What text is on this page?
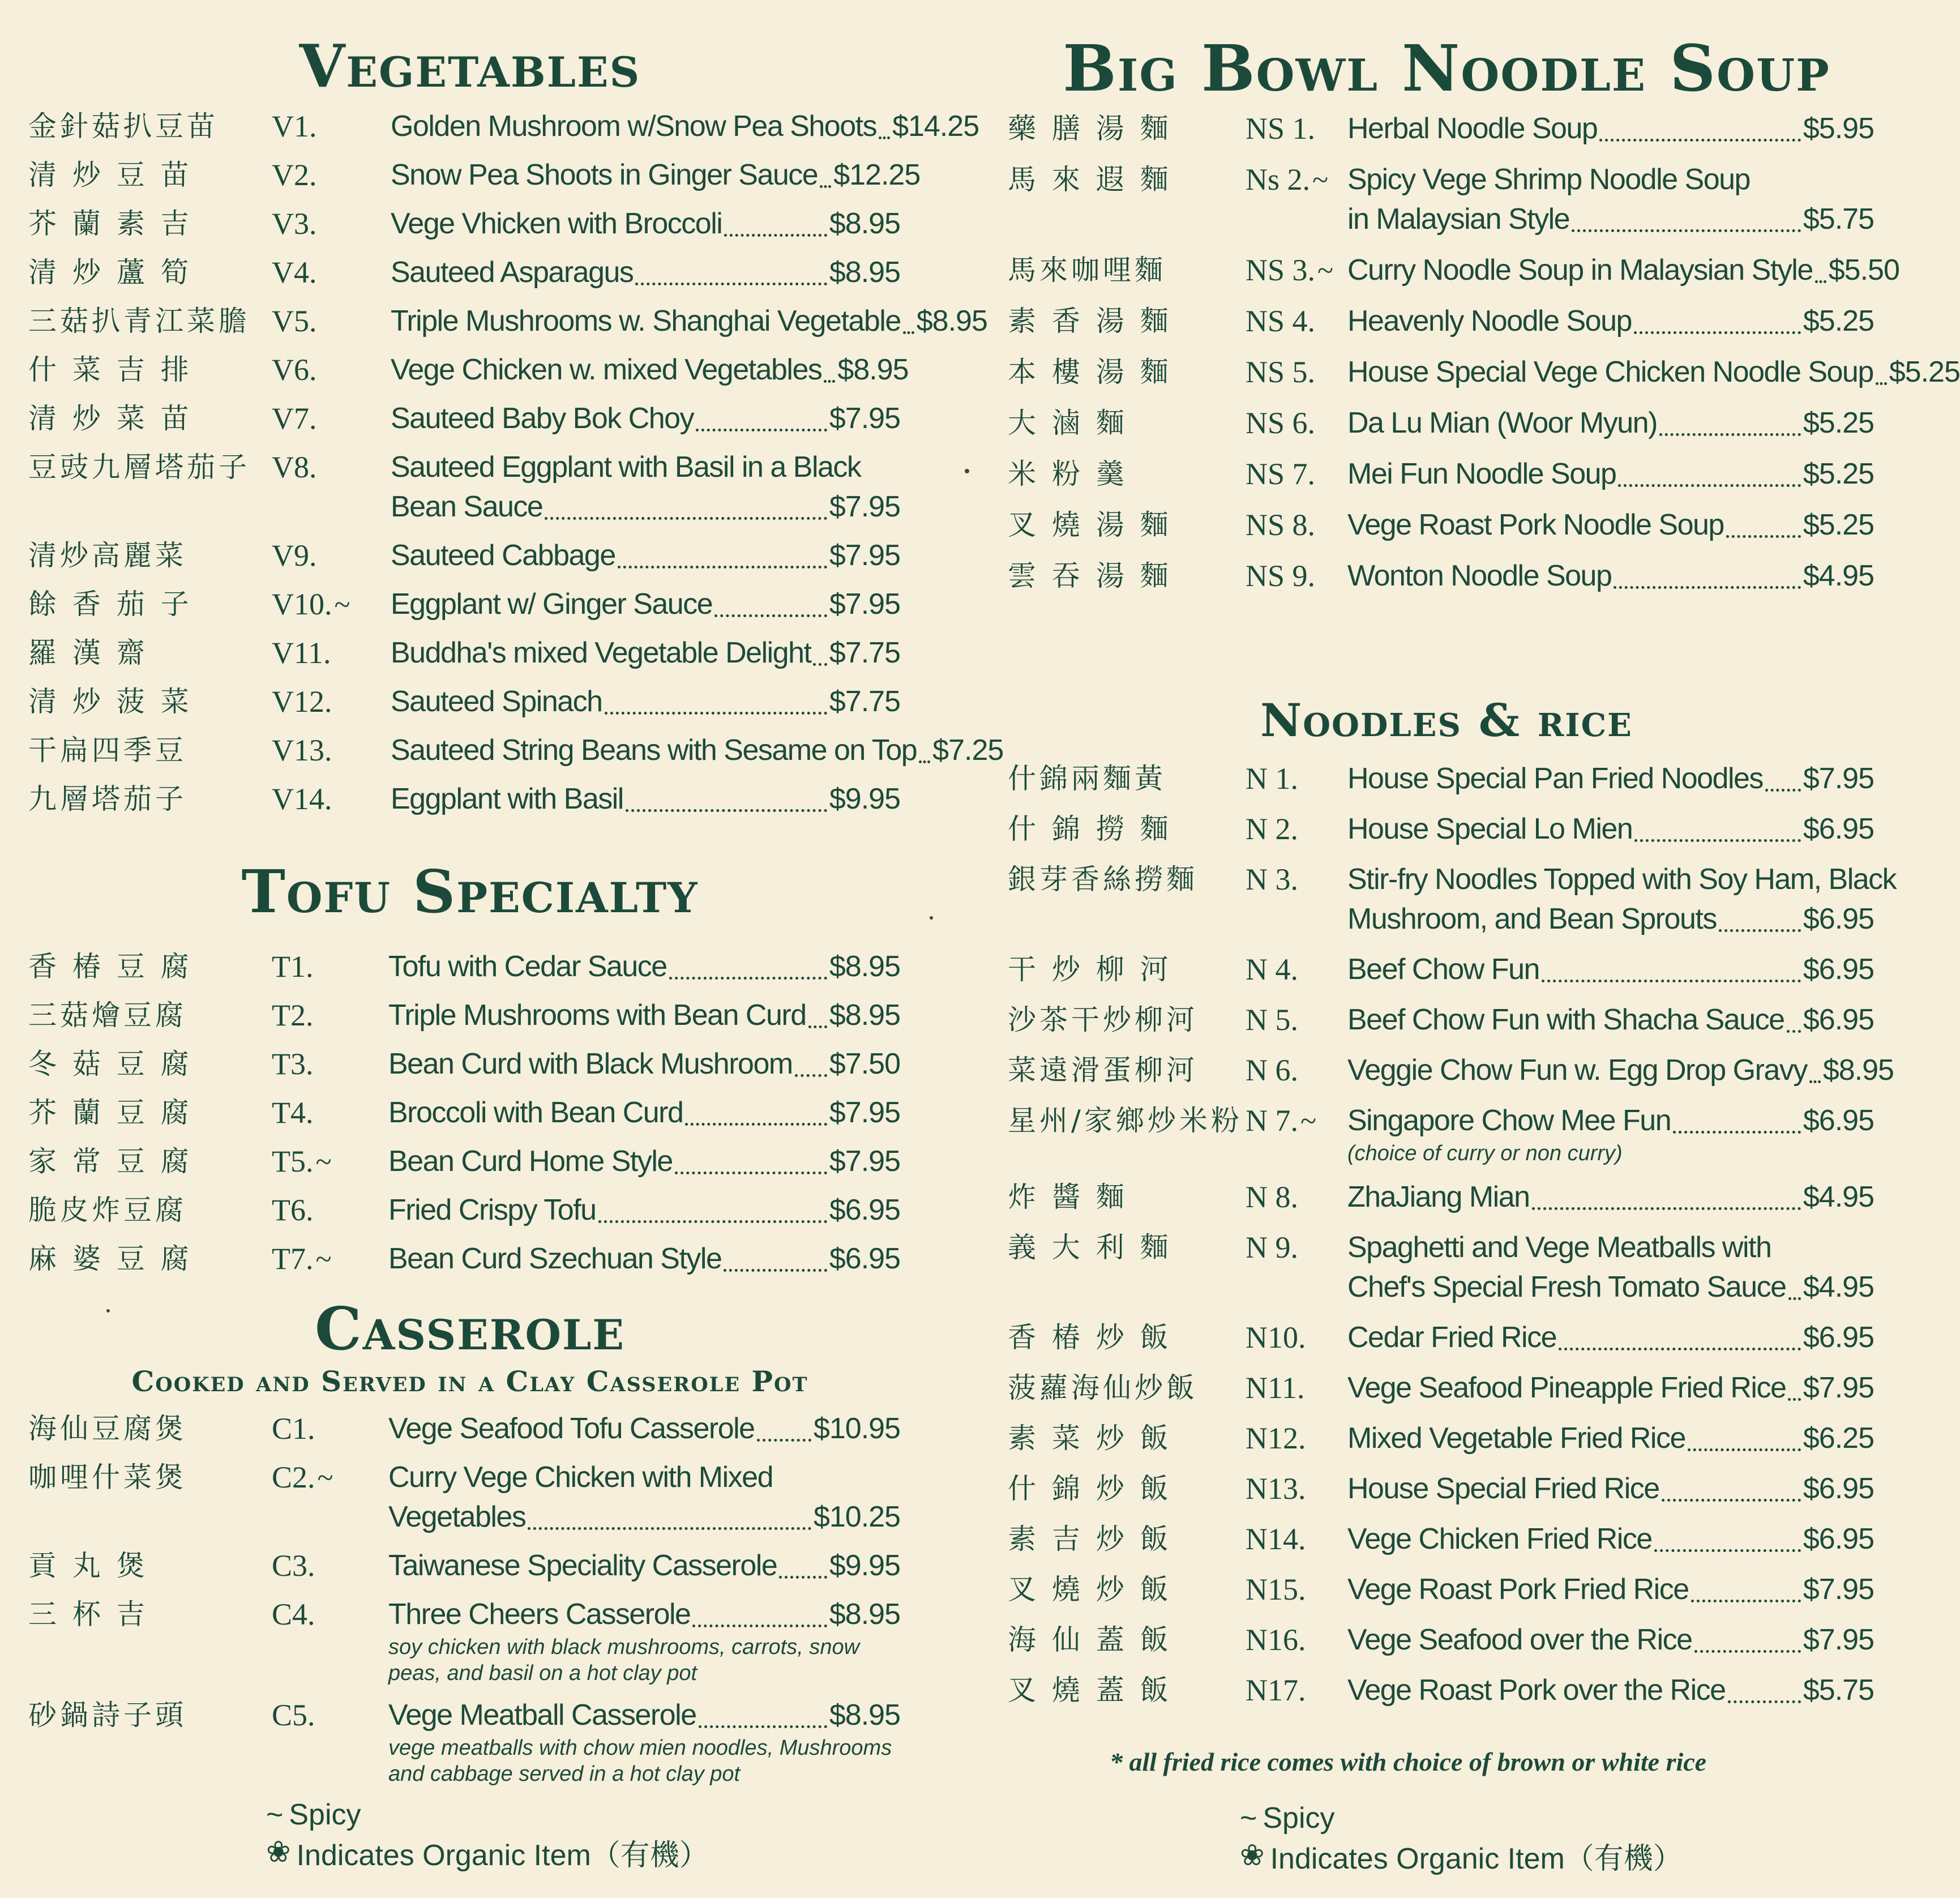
Vegetables
金針菇扒豆苗	V1.	Golden Mushroom w/Snow Pea Shoots $14.25
清 炒 豆 苗	V2.	Snow Pea Shoots in Ginger Sauce $12.25
芥 蘭 素 吉	V3.	Vege Vhicken with Broccoli	$8.95
清 炒 蘆 筍	V4.	Sauteed Asparagus	$8.95
三菇扒青江菜膽 V5.	Triple Mushrooms w. Shanghai Vegetable $8.95
什 菜 吉 排	V6.	Vege Chicken w. mixed Vegetables $8.95
清 炒 菜 苗	V7.	Sauteed Baby Bok Choy	$7.95
豆豉九層塔茄子 V8.	Sauteed Eggplant with Basil in a Black
Bean Sauce	$7.95
清炒高麗菜	V9.	Sauteed Cabbage	$7.95
餘 香 茄 子	V10.~	Eggplant w/ Ginger Sauce	$7.95
羅 漢 齋	V11.	Buddha's mixed Vegetable Delight $7.75
清 炒 菠 菜	V12.	Sauteed Spinach	$7.75
干扁四季豆	V13.	Sauteed String Beans with Sesame on Top $7.25
九層塔茄子	V14.	Eggplant with Basil	$9.95
Tofu Specialty
香 椿 豆 腐	T1.	Tofu with Cedar Sauce	$8.95
三菇燴豆腐	T2.	Triple Mushrooms with Bean Curd $8.95
冬 菇 豆 腐	T3.	Bean Curd with Black Mushroom $7.50
芥 蘭 豆 腐	T4.	Broccoli with Bean Curd	$7.95
家 常 豆 腐	T5.~	Bean Curd Home Style	$7.95
脆皮炸豆腐	T6.	Fried Crispy Tofu	$6.95
麻 婆 豆 腐	T7.~	Bean Curd Szechuan Style	$6.95
Casserole
Cooked and Served in a Clay Casserole Pot
海仙豆腐煲	C1.	Vege Seafood Tofu Casserole $10.95
咖哩什菜煲	C2.~	Curry Vege Chicken with Mixed
Vegetables	$10.25
貢 丸 煲	C3.	Taiwanese Speciality Casserole $9.95
三 杯 吉	C4.	Three Cheers Casserole	$8.95
soy chicken with black mushrooms, carrots, snow peas, and basil on a hot clay pot
砂鍋詩子頭	C5.	Vege Meatball Casserole	$8.95
vege meatballs with chow mien noodles, Mushrooms and cabbage served in a hot clay pot
~ Spicy
❀ Indicates Organic Item（有機）
Big Bowl Noodle Soup
藥 膳 湯 麵	NS 1.	Herbal Noodle Soup	$5.95
馬 來 遐 麵	Ns 2.~ Spicy Vege Shrimp Noodle Soup
in Malaysian Style	$5.75
馬來咖哩麵	NS 3.~ Curry Noodle Soup in Malaysian Style $5.50
素 香 湯 麵	NS 4.	Heavenly Noodle Soup	$5.25
本 樓 湯 麵	NS 5.	House Special Vege Chicken Noodle Soup $5.25
大 滷 麵	NS 6.	Da Lu Mian (Woor Myun)	$5.25
米 粉 羹	NS 7.	Mei Fun Noodle Soup	$5.25
叉 燒 湯 麵	NS 8.	Vege Roast Pork Noodle Soup	$5.25
雲 吞 湯 麵	NS 9.	Wonton Noodle Soup	$4.95
Noodles & rice
什錦兩麵黃	N 1.	House Special Pan Fried Noodles $7.95
什 錦 撈 麵	N 2.	House Special Lo Mien	$6.95
銀芽香絲撈麵	N 3.	Stir-fry Noodles Topped with Soy Ham, Black
Mushroom, and Bean Sprouts	$6.95
干 炒 柳 河	N 4.	Beef Chow Fun	$6.95
沙茶干炒柳河	N 5.	Beef Chow Fun with Shacha Sauce $6.95
菜遠滑蛋柳河	N 6.	Veggie Chow Fun w. Egg Drop Gravy $8.95
星州/家鄉炒米粉 N 7.~	Singapore Chow Mee Fun	$6.95
(choice of curry or non curry)
炸 醬 麵	N 8.	ZhaJiang Mian	$4.95
義 大 利 麵	N 9.	Spaghetti and Vege Meatballs with
Chef's Special Fresh Tomato Sauce $4.95
香 椿 炒 飯	N10.	Cedar Fried Rice	$6.95
菠蘿海仙炒飯	N11.	Vege Seafood Pineapple Fried Rice $7.95
素 菜 炒 飯	N12.	Mixed Vegetable Fried Rice	$6.25
什 錦 炒 飯	N13.	House Special Fried Rice	$6.95
素 吉 炒 飯	N14.	Vege Chicken Fried Rice	$6.95
叉 燒 炒 飯	N15.	Vege Roast Pork Fried Rice	$7.95
海 仙 蓋 飯	N16.	Vege Seafood over the Rice	$7.95
叉 燒 蓋 飯	N17.	Vege Roast Pork over the Rice	$5.75
* all fried rice comes with choice of brown or white rice
~ Spicy
❀ Indicates Organic Item（有機）
